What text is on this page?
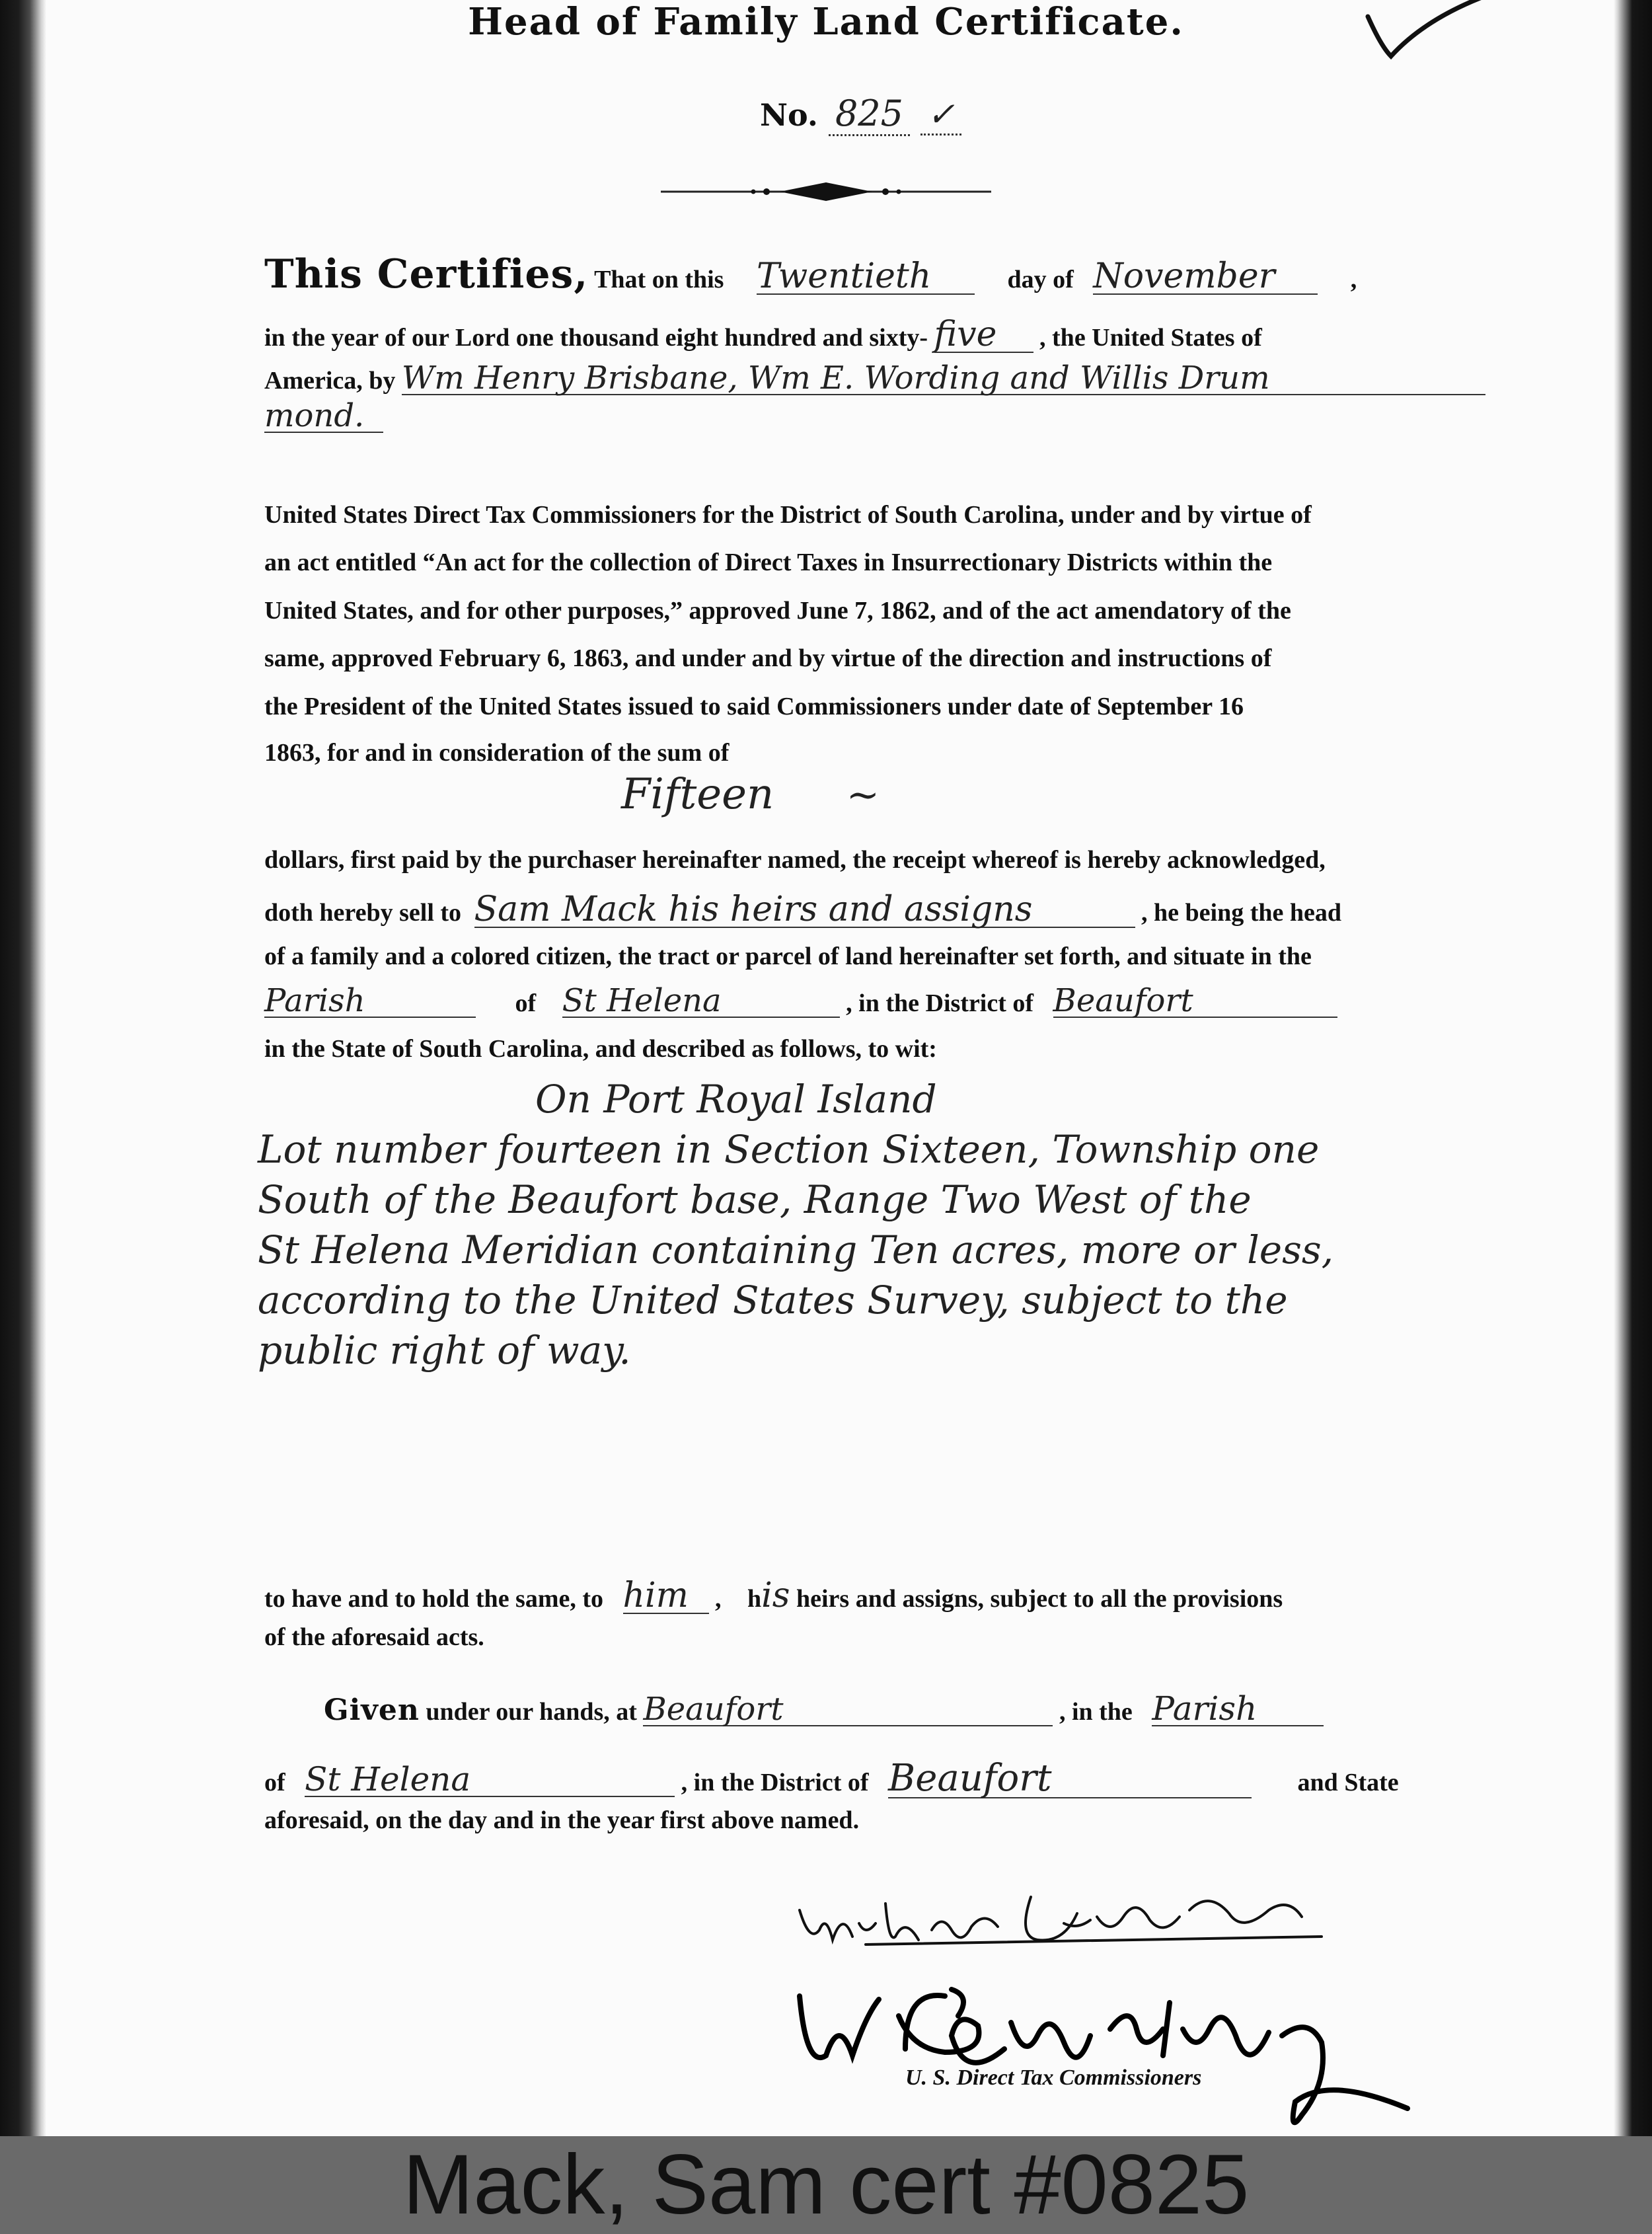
Head of Family Land Certificate.
No. 825 ✓
This Certifies, That on this Twentieth	day of November	,
in the year of our Lord one thousand eight hundred and sixty- five , the United States of
America, by Wm Henry Brisbane, Wm E. Wording and Willis Drum
mond.
United States Direct Tax Commissioners for the District of South Carolina, under and by virtue of
an act entitled “An act for the collection of Direct Taxes in Insurrectionary Districts within the
United States, and for other purposes,” approved June 7, 1862, and of the act amendatory of the
same, approved February 6, 1863, and under and by virtue of the direction and instructions of
the President of the United States issued to said Commissioners under date of September 16
1863, for and in consideration of the sum of
Fifteen ~
dollars, first paid by the purchaser hereinafter named, the receipt whereof is hereby acknowledged,
doth hereby sell to Sam Mack his heirs and assigns	, he being the head
of a family and a colored citizen, the tract or parcel of land hereinafter set forth, and situate in the
Parish	of St Helena	, in the District of Beaufort
in the State of South Carolina, and described as follows, to wit:
On Port Royal Island
Lot number fourteen in Section Sixteen, Township one
South of the Beaufort base, Range Two West of the
St Helena Meridian containing Ten acres, more or less,
according to the United States Survey, subject to the
public right of way.
to have and to hold the same, to him , his heirs and assigns, subject to all the provisions
of the aforesaid acts.
Given under our hands, at Beaufort	, in the Parish
of St Helena	, in the District of Beaufort	and State
aforesaid, on the day and in the year first above named.
U. S. Direct Tax Commissioners
Mack, Sam cert #0825
